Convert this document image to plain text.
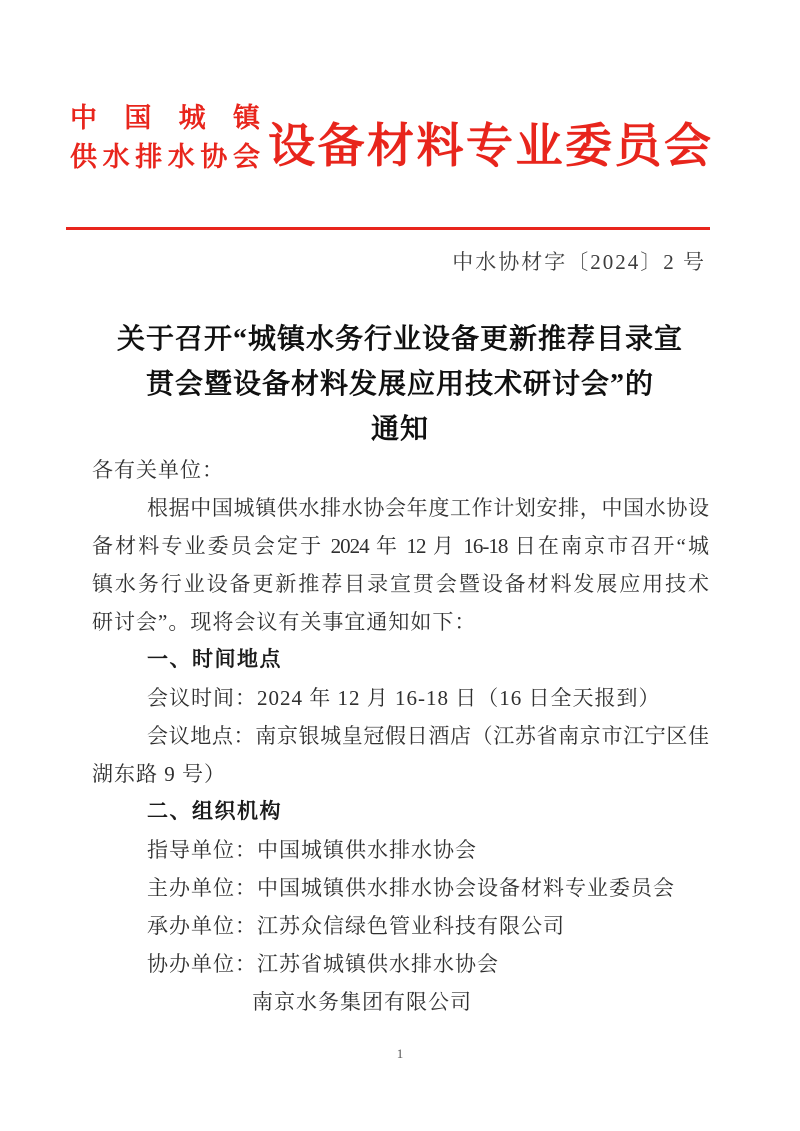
中国城镇
供水排水协会 设备材料专业委员会
中水协材字〔2024〕2 号
关于召开“城镇水务行业设备更新推荐目录宣
贯会暨设备材料发展应用技术研讨会”的
通知
各有关单位：
根据中国城镇供水排水协会年度工作计划安排，中国水协设
备材料专业委员会定于 2024 年 12 月 16-18 日在南京市召开“城
镇水务行业设备更新推荐目录宣贯会暨设备材料发展应用技术
研讨会”。现将会议有关事宜通知如下：
一、时间地点
会议时间：2024 年 12 月 16-18 日（16 日全天报到）
会议地点：南京银城皇冠假日酒店（江苏省南京市江宁区佳
湖东路 9 号）
二、组织机构
指导单位：中国城镇供水排水协会
主办单位：中国城镇供水排水协会设备材料专业委员会
承办单位：江苏众信绿色管业科技有限公司
协办单位：江苏省城镇供水排水协会
南京水务集团有限公司
1
